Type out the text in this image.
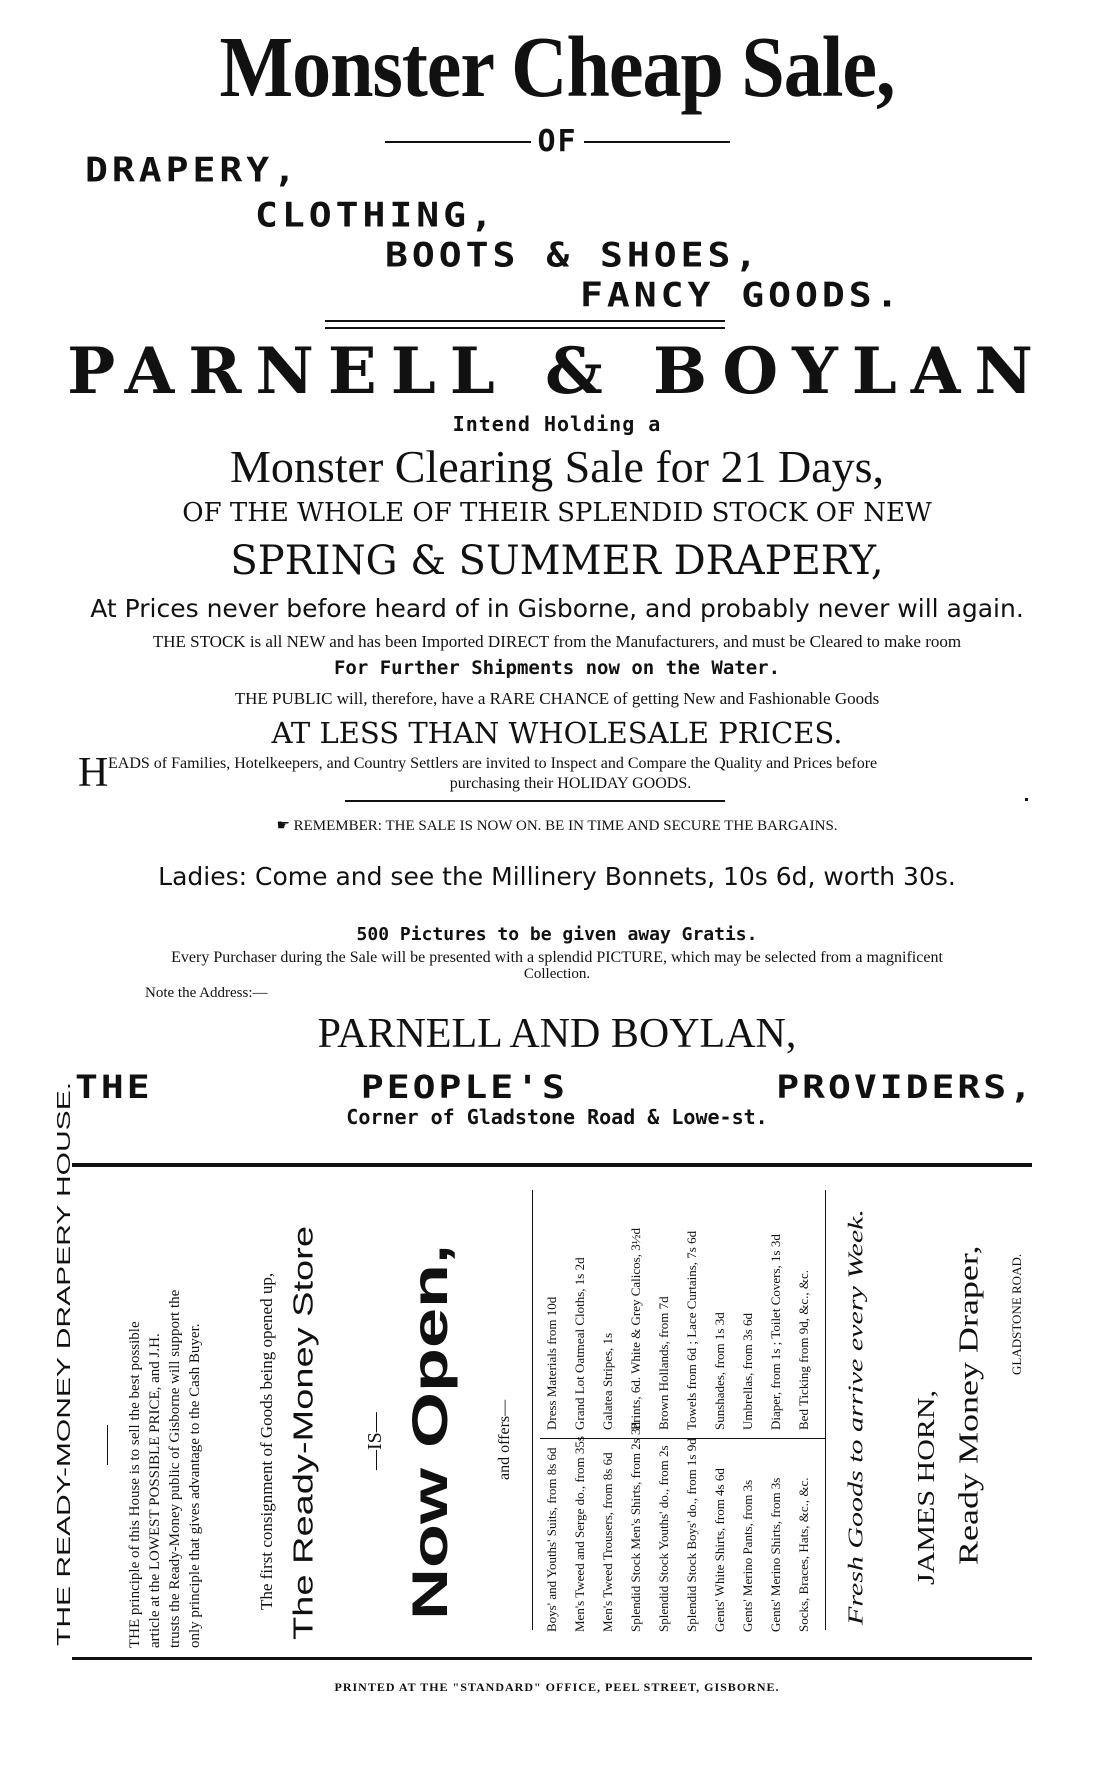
Monster Cheap Sale,
OF
DRAPERY,
CLOTHING,
BOOTS & SHOES,
FANCY GOODS.
PARNELL & BOYLAN
Intend Holding a
Monster Clearing Sale for 21 Days,
OF THE WHOLE OF THEIR SPLENDID STOCK OF NEW
SPRING & SUMMER DRAPERY,
At Prices never before heard of in Gisborne, and probably never will again.
THE STOCK is all NEW and has been Imported DIRECT from the Manufacturers, and must be Cleared to make room
For Further Shipments now on the Water.
THE PUBLIC will, therefore, have a RARE CHANCE of getting New and Fashionable Goods
AT LESS THAN WHOLESALE PRICES.
H EADS of Families, Hotelkeepers, and Country Settlers are invited to Inspect and Compare the Quality and Prices before
purchasing their HOLIDAY GOODS.
☛ REMEMBER: THE SALE IS NOW ON. BE IN TIME AND SECURE THE BARGAINS.
Ladies: Come and see the Millinery Bonnets, 10s 6d, worth 30s.
500 Pictures to be given away Gratis.
Every Purchaser during the Sale will be presented with a splendid PICTURE, which may be selected from a magnificent
Collection.
Note the Address:—
PARNELL AND BOYLAN,
THE	PEOPLE'S	PROVIDERS,
Corner of Gladstone Road & Lowe-st.
THE READY-MONEY DRAPERY HOUSE.	THE principle of this House is to sell the best possible article at the LOWEST POSSIBLE PRICE, and J.H. trusts the Ready-Money public of Gisborne will support the only principle that gives advantage to the Cash Buyer.	The first consignment of Goods being opened up, The Ready-Money Store —IS— Now Open, and offers—
Boys' and Youths' Suits, from 8s 6d
Dress Materials from 10d
Men's Tweed and Serge do., from 35s
Grand Lot Oatmeal Cloths, 1s 2d
Men's Tweed Trousers, from 8s 6d
Galatea Stripes, 1s
Splendid Stock Men's Shirts, from 2s 3d
Prints, 6d. White & Grey Calicos, 3½d
Splendid Stock Youths' do., from 2s
Brown Hollands, from 7d
Splendid Stock Boys' do., from 1s 9d
Towels from 6d ; Lace Curtains, 7s 6d
Gents' White Shirts, from 4s 6d
Sunshades, from 1s 3d
Gents' Merino Pants, from 3s
Umbrellas, from 3s 6d
Gents' Merino Shirts, from 3s
Diaper, from 1s ; Toilet Covers, 1s 3d
Socks, Braces, Hats, &c., &c.
Bed Ticking from 9d, &c., &c. Fresh Goods to arrive every Week. JAMES HORN, Ready Money Draper, GLADSTONE ROAD.
PRINTED AT THE "STANDARD" OFFICE, PEEL STREET, GISBORNE.
